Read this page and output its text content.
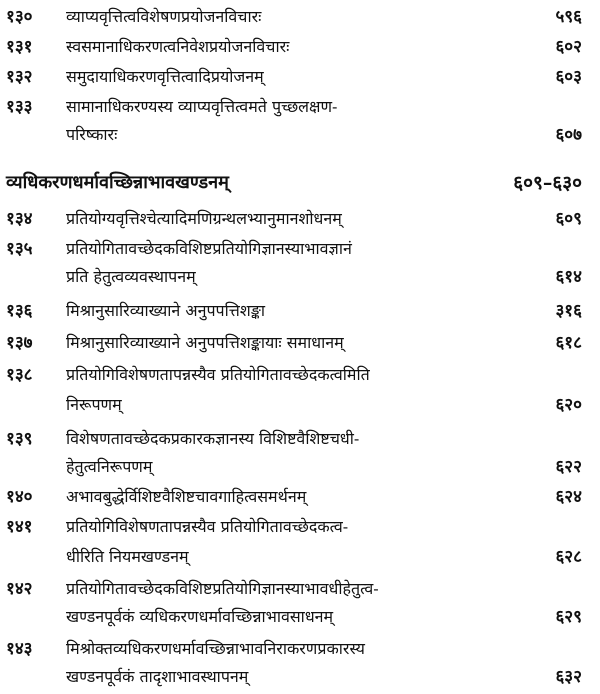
१३० व्याप्यवृत्तित्वविशेषणप्रयोजनविचारः	५९६
१३१ स्वसमानाधिकरणत्वनिवेशप्रयोजनविचारः	६०२
१३२ समुदायाधिकरणवृत्तित्वादिप्रयोजनम्	६०३
१३३ सामानाधिकरण्यस्य व्याप्यवृत्तित्वमते पुच्छलक्षण-
परिष्कारः	६०७
व्यधिकरणधर्मावच्छिन्नाभावखण्डनम्	६०९–६३०
१३४ प्रतियोग्यवृत्तिश्चेत्यादिमणिग्रन्थलभ्यानुमानशोधनम्	६०९
१३५ प्रतियोगितावच्छेदकविशिष्टप्रतियोगिज्ञानस्याभावज्ञानं
प्रति हेतुत्वव्यवस्थापनम्	६१४
१३६ मिश्रानुसारिव्याख्याने अनुपपत्तिशङ्का	३१६
१३७ मिश्रानुसारिव्याख्याने अनुपपत्तिशङ्कायाः समाधानम्	६१८
१३८ प्रतियोगिविशेषणतापन्नस्यैव प्रतियोगितावच्छेदकत्वमिति
निरूपणम्	६२०
१३९ विशेषणतावच्छेदकप्रकारकज्ञानस्य विशिष्टवैशिष्टचधी-
हेतुत्वनिरूपणम्	६२२
१४० अभावबुद्धेर्विशिष्टवैशिष्टचावगाहित्वसमर्थनम्	६२४
१४१ प्रतियोगिविशेषणतापन्नस्यैव प्रतियोगितावच्छेदकत्व-
धीरिति नियमखण्डनम्	६२८
१४२ प्रतियोगितावच्छेदकविशिष्टप्रतियोगिज्ञानस्याभावधीहेतुत्व-
खण्डनपूर्वकं व्यधिकरणधर्मावच्छिन्नाभावसाधनम्	६२९
१४३ मिश्रोक्तव्यधिकरणधर्मावच्छिन्नाभावनिराकरणप्रकारस्य
खण्डनपूर्वकं तादृशाभावस्थापनम्	६३२
